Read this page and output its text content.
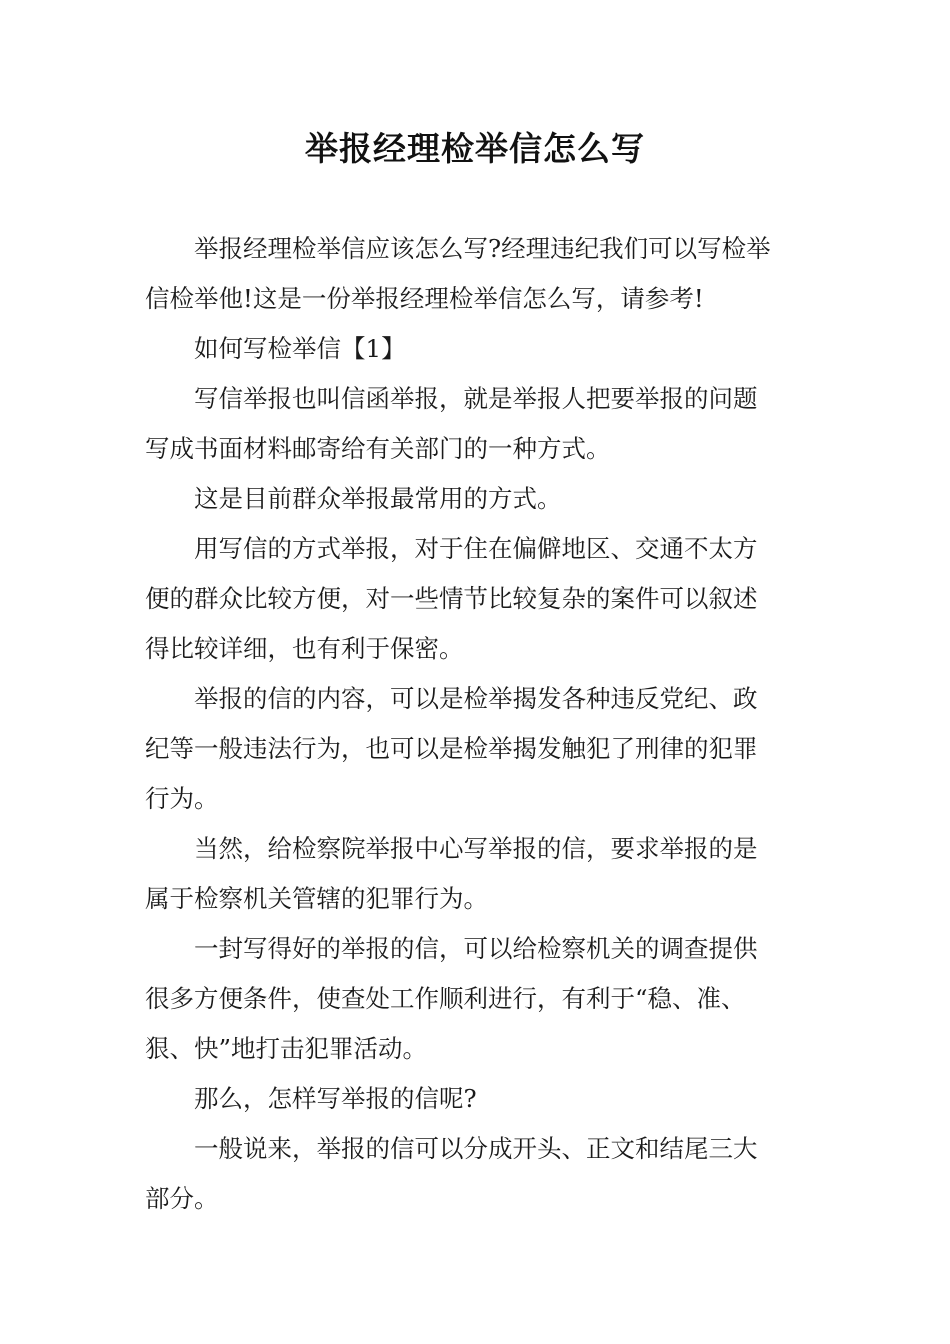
举报经理检举信怎么写

举报经理检举信应该怎么写?经理违纪我们可以写检举
信检举他!这是一份举报经理检举信怎么写，请参考!

如何写检举信【1】

写信举报也叫信函举报，就是举报人把要举报的问题
写成书面材料邮寄给有关部门的一种方式。

这是目前群众举报最常用的方式。

用写信的方式举报，对于住在偏僻地区、交通不太方
便的群众比较方便，对一些情节比较复杂的案件可以叙述
得比较详细，也有利于保密。

举报的信的内容，可以是检举揭发各种违反党纪、政
纪等一般违法行为，也可以是检举揭发触犯了刑律的犯罪
行为。

当然，给检察院举报中心写举报的信，要求举报的是
属于检察机关管辖的犯罪行为。

一封写得好的举报的信，可以给检察机关的调查提供
很多方便条件，使查处工作顺利进行，有利于“稳、准、
狠、快”地打击犯罪活动。

那么，怎样写举报的信呢?

一般说来，举报的信可以分成开头、正文和结尾三大
部分。
